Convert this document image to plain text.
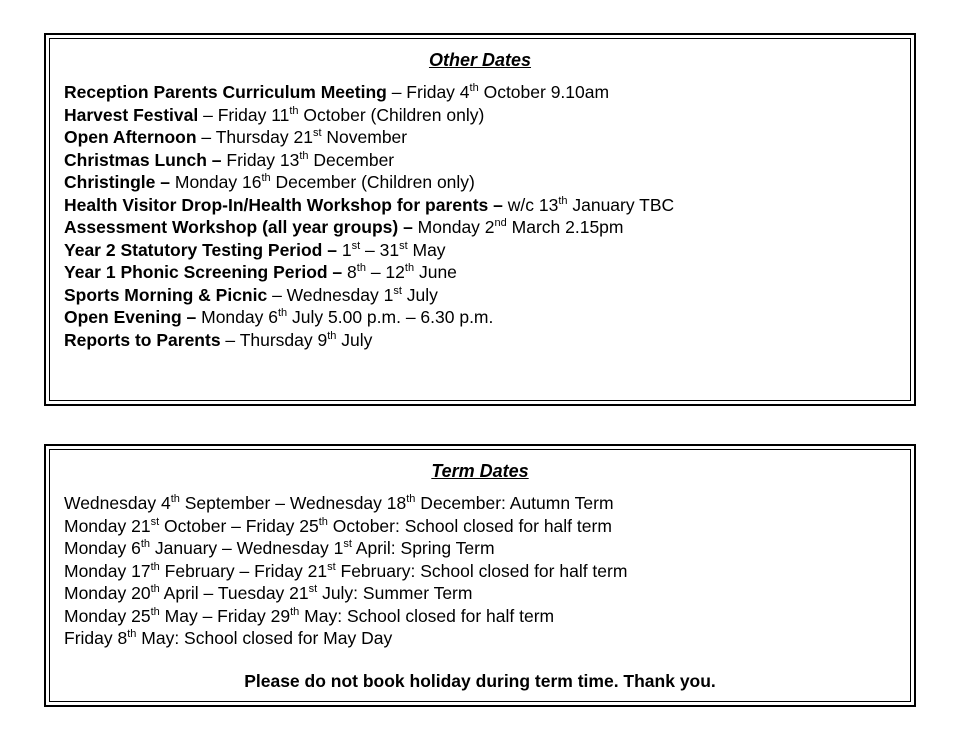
Other Dates
Reception Parents Curriculum Meeting – Friday 4th October 9.10am
Harvest Festival – Friday 11th October (Children only)
Open Afternoon – Thursday 21st November
Christmas Lunch – Friday 13th December
Christingle – Monday 16th December (Children only)
Health Visitor Drop-In/Health Workshop for parents – w/c 13th January TBC
Assessment Workshop (all year groups) – Monday 2nd March 2.15pm
Year 2 Statutory Testing Period – 1st – 31st May
Year 1 Phonic Screening Period – 8th – 12th June
Sports Morning & Picnic – Wednesday 1st July
Open Evening – Monday 6th July 5.00 p.m. – 6.30 p.m.
Reports to Parents – Thursday 9th July
Term Dates
Wednesday 4th September – Wednesday 18th December: Autumn Term
Monday 21st October – Friday 25th October: School closed for half term
Monday 6th January – Wednesday 1st April: Spring Term
Monday 17th February – Friday 21st February: School closed for half term
Monday 20th April – Tuesday 21st July: Summer Term
Monday 25th May – Friday 29th May: School closed for half term
Friday 8th May: School closed for May Day
Please do not book holiday during term time. Thank you.
